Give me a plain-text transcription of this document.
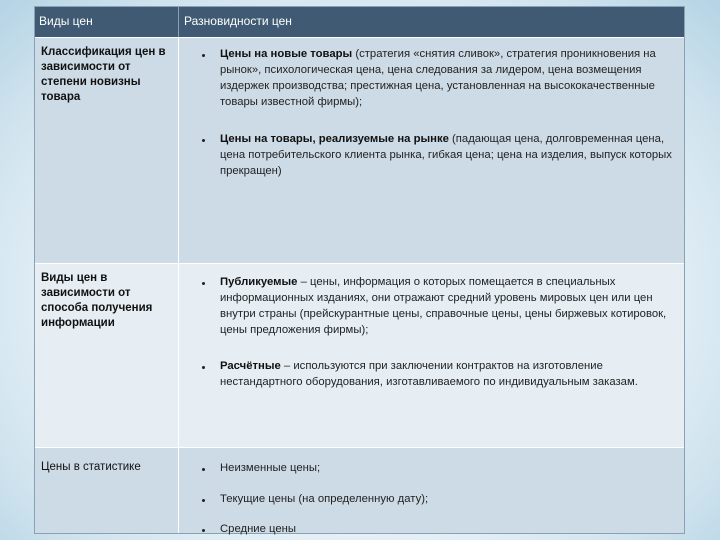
Виды цен	Разновидности цен
Классификация цен в зависимости от степени новизны товара
Цены на новые товары (стратегия «снятия сливок», стратегия проникновения на рынок», психологическая цена, цена следования за лидером, цена возмещения издержек производства; престижная цена, установленная на высококачественные товары известной фирмы);
Цены на товары, реализуемые на рынке (падающая цена, долговременная цена, цена потребительского клиента рынка, гибкая цена; цена на изделия, выпуск которых прекращен)
Виды цен в зависимости от способа получения информации
Публикуемые – цены, информация о которых помещается в специальных информационных изданиях, они отражают средний уровень мировых цен или цен внутри страны (прейскурантные цены, справочные цены, цены биржевых котировок, цены предложения фирмы);
Расчётные – используются при заключении контрактов на изготовление нестандартного оборудования, изготавливаемого по индивидуальным заказам.
Цены в статистике	Неизменные цены;
Текущие цены (на определенную дату);
Средние цены
